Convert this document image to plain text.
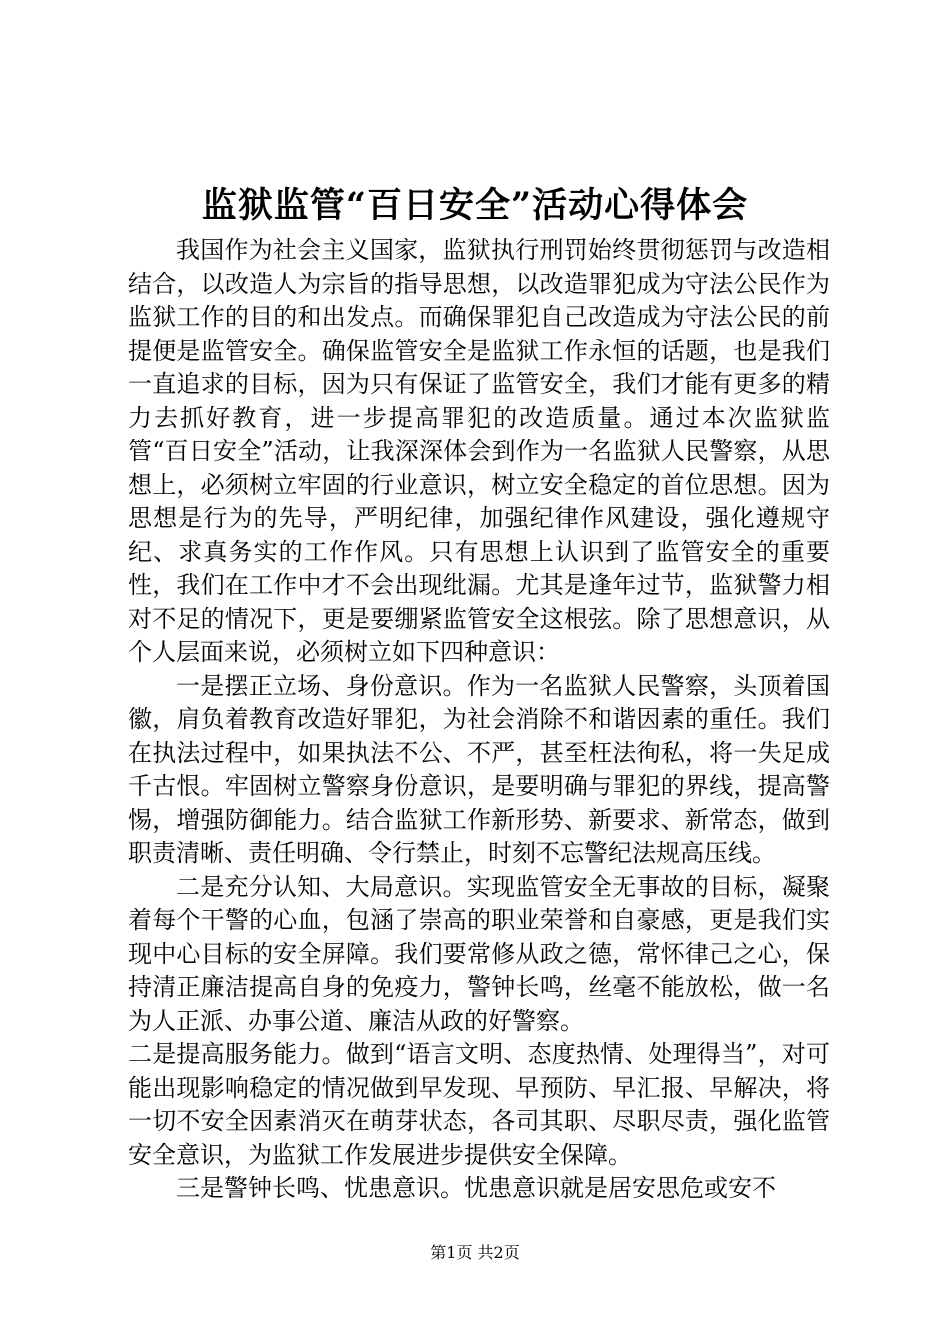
监狱监管“百日安全”活动心得体会

我国作为社会主义国家，监狱执行刑罚始终贯彻惩罚与改造相结合，以改造人为宗旨的指导思想，以改造罪犯成为守法公民作为监狱工作的目的和出发点。而确保罪犯自己改造成为守法公民的前提便是监管安全。确保监管安全是监狱工作永恒的话题，也是我们一直追求的目标，因为只有保证了监管安全，我们才能有更多的精力去抓好教育，进一步提高罪犯的改造质量。通过本次监狱监管“百日安全”活动，让我深深体会到作为一名监狱人民警察，从思想上，必须树立牢固的行业意识，树立安全稳定的首位思想。因为思想是行为的先导，严明纪律，加强纪律作风建设，强化遵规守纪、求真务实的工作作风。只有思想上认识到了监管安全的重要性，我们在工作中才不会出现纰漏。尤其是逢年过节，监狱警力相对不足的情况下，更是要绷紧监管安全这根弦。除了思想意识，从个人层面来说，必须树立如下四种意识：

一是摆正立场、身份意识。作为一名监狱人民警察，头顶着国徽，肩负着教育改造好罪犯，为社会消除不和谐因素的重任。我们在执法过程中，如果执法不公、不严，甚至枉法徇私，将一失足成千古恨。牢固树立警察身份意识，是要明确与罪犯的界线，提高警惕，增强防御能力。结合监狱工作新形势、新要求、新常态，做到职责清晰、责任明确、令行禁止，时刻不忘警纪法规高压线。

二是充分认知、大局意识。实现监管安全无事故的目标，凝聚着每个干警的心血，包涵了崇高的职业荣誉和自豪感，更是我们实现中心目标的安全屏障。我们要常修从政之德，常怀律己之心，保持清正廉洁提高自身的免疫力，警钟长鸣，丝毫不能放松，做一名为人正派、办事公道、廉洁从政的好警察。

二是提高服务能力。做到“语言文明、态度热情、处理得当”，对可能出现影响稳定的情况做到早发现、早预防、早汇报、早解决，将一切不安全因素消灭在萌芽状态，各司其职、尽职尽责，强化监管安全意识，为监狱工作发展进步提供安全保障。

三是警钟长鸣、忧患意识。忧患意识就是居安思危或安不

第1页 共2页
